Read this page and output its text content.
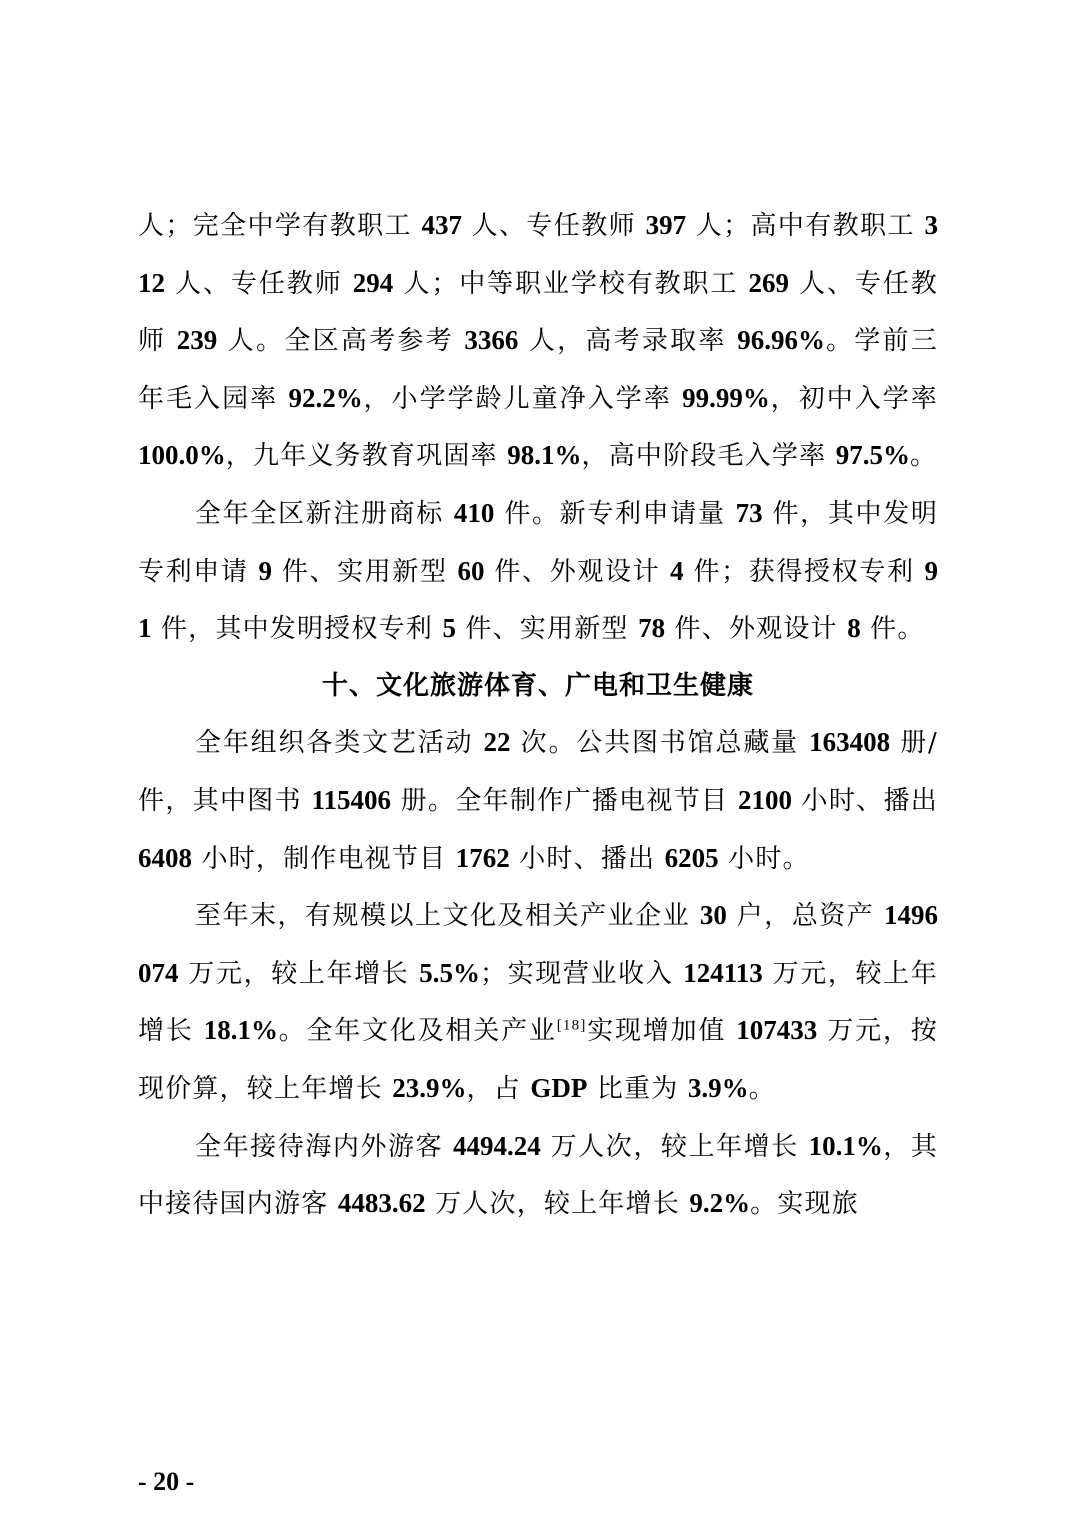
人；完全中学有教职工 437 人、专任教师 397 人；高中有教职工 312 人、专任教师 294 人；中等职业学校有教职工 269 人、专任教师 239 人。全区高考参考 3366 人，高考录取率 96.96%。学前三年毛入园率 92.2%，小学学龄儿童净入学率 99.99%，初中入学率 100.0%，九年义务教育巩固率 98.1%，高中阶段毛入学率 97.5%。

全年全区新注册商标 410 件。新专利申请量 73 件，其中发明专利申请 9 件、实用新型 60 件、外观设计 4 件；获得授权专利 91 件，其中发明授权专利 5 件、实用新型 78 件、外观设计 8 件。

十、文化旅游体育、广电和卫生健康

全年组织各类文艺活动 22 次。公共图书馆总藏量 163408 册/件，其中图书 115406 册。全年制作广播电视节目 2100 小时、播出 6408 小时，制作电视节目 1762 小时、播出 6205 小时。

至年末，有规模以上文化及相关产业企业 30 户，总资产 1496074 万元，较上年增长 5.5%；实现营业收入 124113 万元，较上年增长 18.1%。全年文化及相关产业[18]实现增加值 107433 万元，按现价算，较上年增长 23.9%，占 GDP 比重为 3.9%。

全年接待海内外游客 4494.24 万人次，较上年增长 10.1%，其中接待国内游客 4483.62 万人次，较上年增长 9.2%。实现旅

- 20 -
